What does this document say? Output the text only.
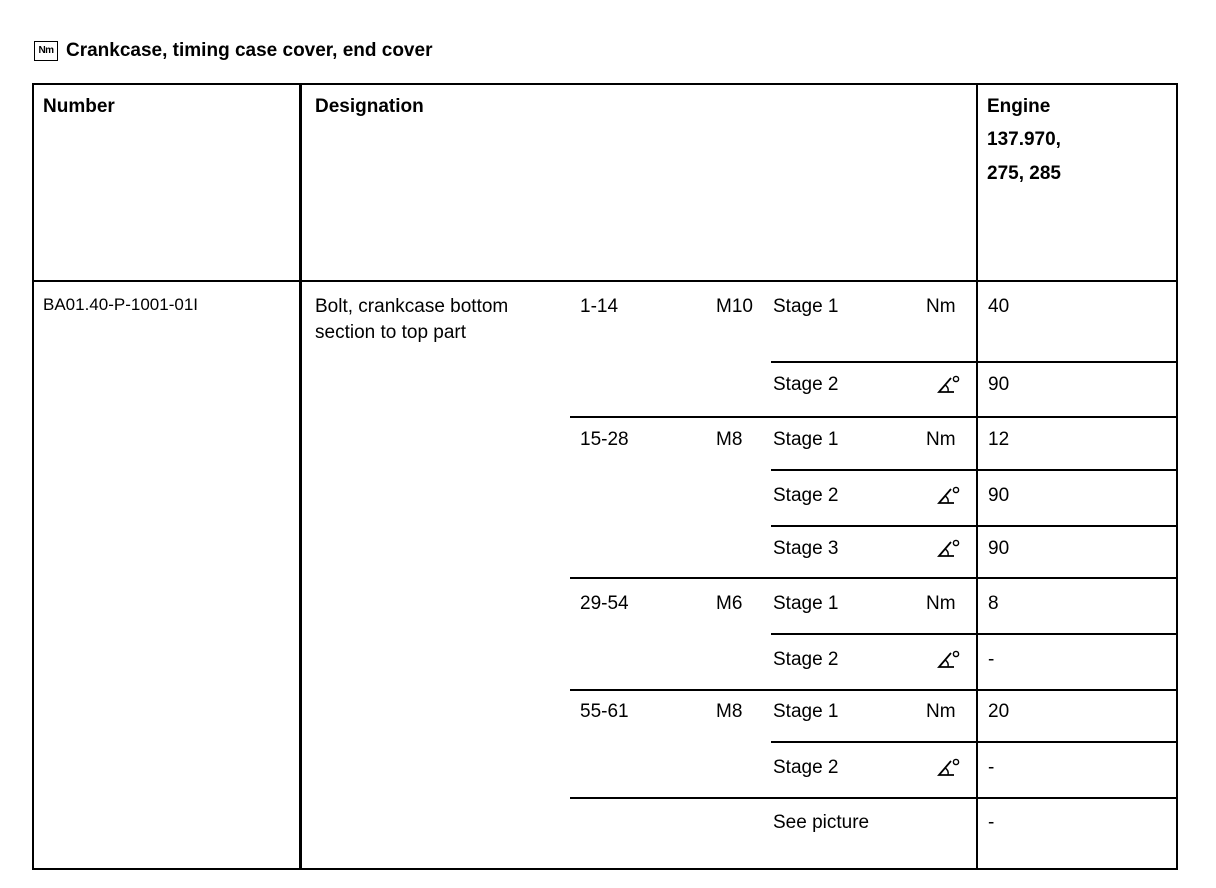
Nm Crankcase, timing case cover, end cover
Number	Designation	Engine
137.970,
275, 285
BA01.40-P-1001-01I	Bolt, crankcase bottom
section to top part
1-14	M10 Stage 1	Nm 40
Stage 2	90
15-28	M8 Stage 1	Nm 12
Stage 2	90
Stage 3	90
29-54	M6 Stage 1	Nm 8
Stage 2	-
55-61	M8 Stage 1	Nm 20
Stage 2	-
See picture	-
